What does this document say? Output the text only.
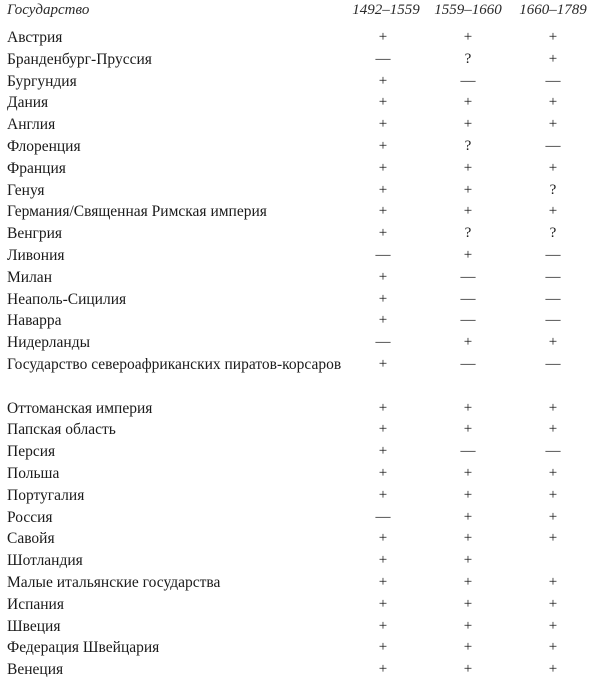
Государство	1492–1559 1559–1660	1660–1789
Австрия	+	+	+
Бранденбург-Пруссия	—	?	+
Бургундия	+	—	—
Дания	+	+	+
Англия	+	+	+
Флоренция	+	?	—
Франция	+	+	+
Генуя	+	+	?
Германия/Священная Римская империя	+	+	+
Венгрия	+	?	?
Ливония	—	+	—
Милан	+	—	—
Неаполь-Сицилия	+	—	—
Наварра	+	—	—
Нидерланды	—	+	+
Государство североафриканских пиратов-корсаров	+	—	—
Оттоманская империя	+	+	+
Папская область	+	+	+
Персия	+	—	—
Польша	+	+	+
Португалия	+	+	+
Россия	—	+	+
Савойя	+	+	+
Шотландия	+	+
Малые итальянские государства	+	+	+
Испания	+	+	+
Швеция	+	+	+
Федерация Швейцария	+	+	+
Венеция	+	+	+
